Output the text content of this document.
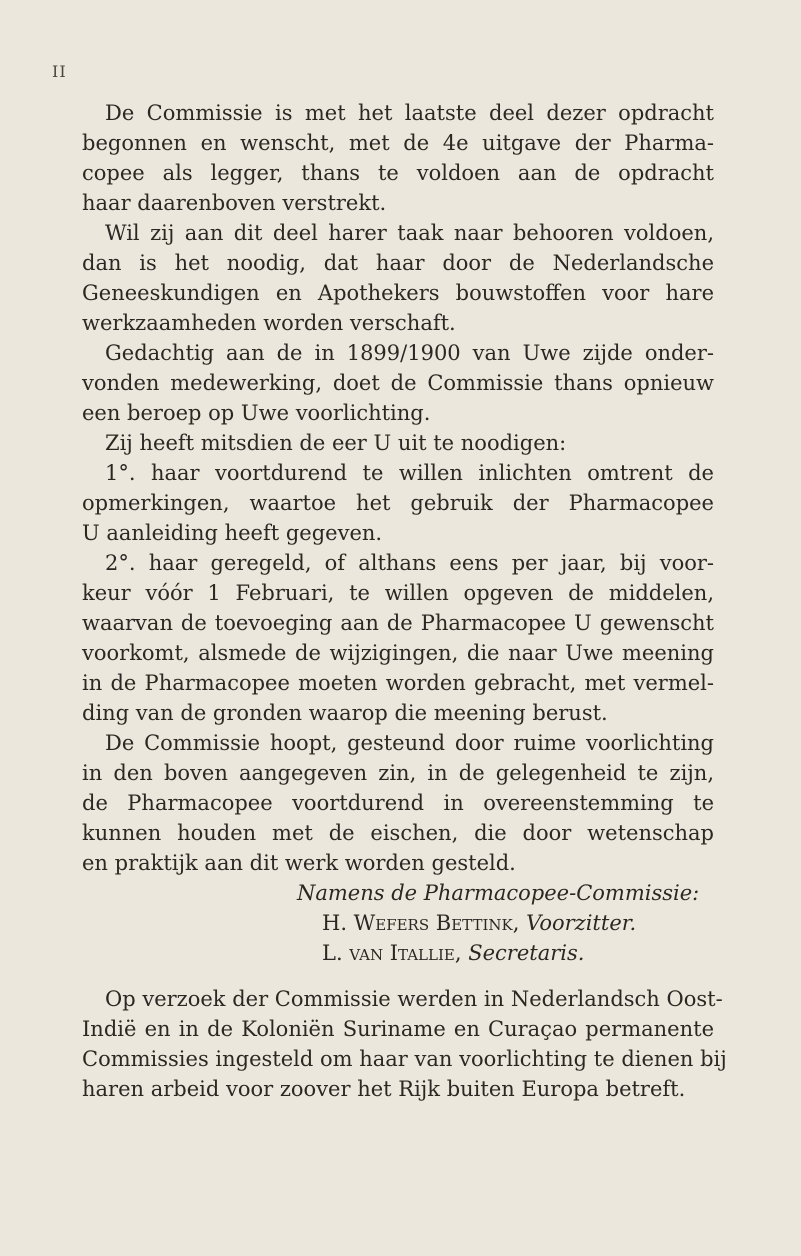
II
De Commissie is met het laatste deel dezer opdracht
begonnen en wenscht, met de 4e uitgave der Pharma-
copee als legger, thans te voldoen aan de opdracht
haar daarenboven verstrekt.
Wil zij aan dit deel harer taak naar behooren voldoen,
dan is het noodig, dat haar door de Nederlandsche
Geneeskundigen en Apothekers bouwstoffen voor hare
werkzaamheden worden verschaft.
Gedachtig aan de in 1899/1900 van Uwe zijde onder-
vonden medewerking, doet de Commissie thans opnieuw
een beroep op Uwe voorlichting.
Zij heeft mitsdien de eer U uit te noodigen:
1°. haar voortdurend te willen inlichten omtrent de
opmerkingen, waartoe het gebruik der Pharmacopee
U aanleiding heeft gegeven.
2°. haar geregeld, of althans eens per jaar, bij voor-
keur vóór 1 Februari, te willen opgeven de middelen,
waarvan de toevoeging aan de Pharmacopee U gewenscht
voorkomt, alsmede de wijzigingen, die naar Uwe meening
in de Pharmacopee moeten worden gebracht, met vermel-
ding van de gronden waarop die meening berust.
De Commissie hoopt, gesteund door ruime voorlichting
in den boven aangegeven zin, in de gelegenheid te zijn,
de Pharmacopee voortdurend in overeenstemming te
kunnen houden met de eischen, die door wetenschap
en praktijk aan dit werk worden gesteld.
Namens de Pharmacopee-Commissie:
H. Wefers Bettink, Voorzitter.
L. van Itallie, Secretaris.
Op verzoek der Commissie werden in Nederlandsch Oost-
Indië en in de Koloniën Suriname en Curaçao permanente
Commissies ingesteld om haar van voorlichting te dienen bij
haren arbeid voor zoover het Rijk buiten Europa betreft.
